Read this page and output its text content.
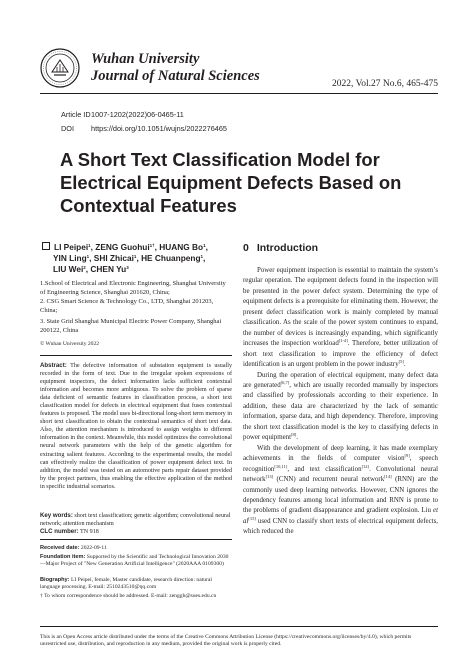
Wuhan University
Journal of Natural Sciences	2022, Vol.27 No.6, 465-475
Article ID 1007-1202(2022)06-0465-11
DOI https://doi.org/10.1051/wujns/2022276465
A Short Text Classification Model for Electrical Equipment Defects Based on Contextual Features
LI Peipei$^1$, ZENG Guohui$^{1\dagger}$, HUANG Bo$^1$,
YIN Ling$^1$, SHI Zhicai$^1$, HE Chuanpeng$^1$,
LIU Wei$^2$, CHEN Yu$^3$
1.School of Electrical and Electronic Engineering, Shanghai University of Engineering Science, Shanghai 201620, China;
2. CSG Smart Science & Technology Co., LTD, Shanghai 201203, China;
3. State Grid Shanghai Municipal Electric Power Company, Shanghai 200122, China
© Wuhan University 2022
Abstract: The defective information of substation equipment is usually recorded in the form of text. Due to the irregular spoken expressions of equipment inspectors, the defect information lacks sufficient contextual information and becomes more ambiguous. To solve the problem of sparse data deficient of semantic features in classification process, a short text classification model for defects in electrical equipment that fuses contextual features is proposed. The model uses bi-directional long-short term memory in short text classification to obtain the contextual semantics of short text data. Also, the attention mechanism is introduced to assign weights to different information in the context. Meanwhile, this model optimizes the convolutional neural network parameters with the help of the genetic algorithm for extracting salient features. According to the experimental results, the model can effectively realize the classification of power equipment defect text. In addition, the model was tested on an automotive parts repair dataset provided by the project partners, thus enabling the effective application of the method in specific industrial scenarios.
Key words: short text classification; genetic algorithm; convolutional neural network; attention mechanism
CLC number: TN 918
Received date: 2022-09-11
Foundation item: Supported by the Scientific and Technological Innovation 2030—Major Project of "New Generation Artificial Intelligence" (2020AAA 0109300)
Biography: LI Peipei, female, Master candidate, research direction: natural language processing. E-mail: 2510243510@qq.com
† To whom correspondence should be addressed. E-mail: zenggh@sues.edu.cn
0 Introduction

Power equipment inspection is essential to maintain the system’s regular operation. The equipment defects found in the inspection will be presented in the power defect system. Determining the type of equipment defects is a prerequisite for eliminating them. However, the present defect classification work is mainly completed by manual classification. As the scale of the power system continues to expand, the number of devices is increasingly expanding, which significantly increases the inspection workload[1-4]. Therefore, better utilization of short text classification to improve the efficiency of defect identification is an urgent problem in the power industry[5].

During the operation of electrical equipment, many defect data are generated[6,7], which are usually recorded manually by inspectors and classified by professionals according to their experience. In addition, these data are characterized by the lack of semantic information, sparse data, and high dependency. Therefore, improving the short text classification model is the key to classifying defects in power equipment[8].

With the development of deep learning, it has made exemplary achievements in the fields of computer vision[9], speech recognition[10,11], and text classification[12]. Convolutional neural network[13] (CNN) and recurrent neural network[14] (RNN) are the commonly used deep learning networks. However, CNN ignores the dependency features among local information and RNN is prone to the problems of gradient disappearance and gradient explosion. Liu et al[15] used CNN to classify short texts of electrical equipment defects, which reduced the

This is an Open Access article distributed under the terms of the Creative Commons Attribution License (https://creativecommons.org/licenses/by/4.0), which permits unrestricted use, distribution, and reproduction in any medium, provided the original work is properly cited.
